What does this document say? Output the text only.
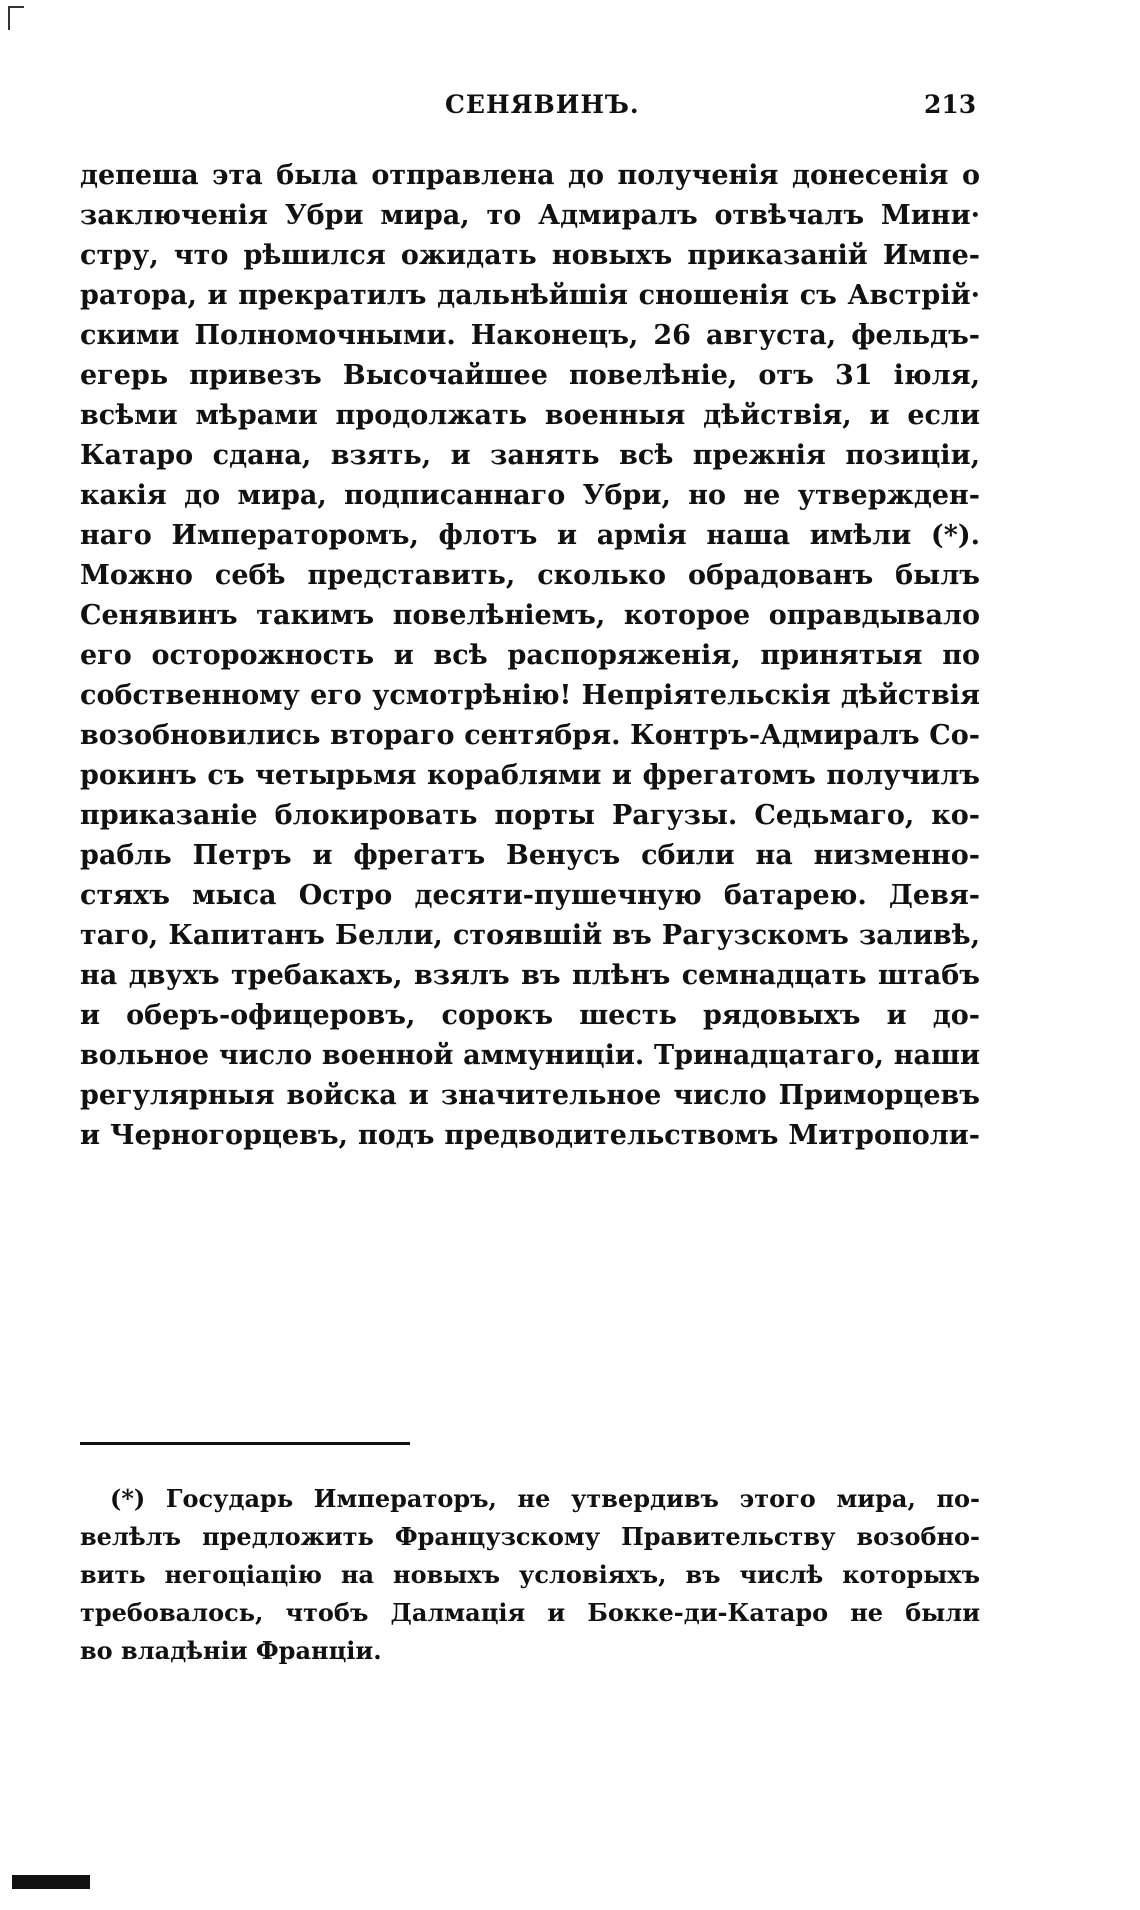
СЕНЯВИНЪ.	213
депеша эта была отправлена до полученія донесенія о
заключенія Убри мира, то Адмиралъ отвѣчалъ Мини·
стру, что рѣшился ожидать новыхъ приказаній Импе-
ратора, и прекратилъ дальнѣйшія сношенія съ Австрій·
скими Полномочными. Наконецъ, 26 августа, фельдъ-
егерь привезъ Высочайшее повелѣніе, отъ 31 іюля,
всѣми мѣрами продолжать военныя дѣйствія, и если
Катаро сдана, взять, и занять всѣ прежнія позиціи,
какія до мира, подписаннаго Убри, но не утвержден-
наго Императоромъ, флотъ и армія наша имѣли (*).
Можно себѣ представить, сколько обрадованъ былъ
Сенявинъ такимъ повелѣніемъ, которое оправдывало
его осторожность и всѣ распоряженія, принятыя по
собственному его усмотрѣнію! Непріятельскія дѣйствія
возобновились втораго сентября. Контръ-Адмиралъ Со-
рокинъ съ четырьмя кораблями и фрегатомъ получилъ
приказаніе блокировать порты Рагузы. Седьмаго, ко-
рабль Петръ и фрегатъ Венусъ сбили на низменно-
стяхъ мыса Остро десяти-пушечную батарею. Девя-
таго, Капитанъ Белли, стоявшій въ Рагузскомъ заливѣ,
на двухъ требакахъ, взялъ въ плѣнъ семнадцать штабъ
и оберъ-офицеровъ, сорокъ шесть рядовыхъ и до-
вольное число военной аммуниціи. Тринадцатаго, наши
регулярныя войска и значительное число Приморцевъ
и Черногорцевъ, подъ предводительствомъ Митрополи-
(*) Государь Императоръ, не утвердивъ этого мира, по-
велѣлъ предложить Французскому Правительству возобно-
вить негоціацію на новыхъ условіяхъ, въ числѣ которыхъ
требовалось, чтобъ Далмація и Бокке-ди-Катаро не были
во владѣніи Франціи.
